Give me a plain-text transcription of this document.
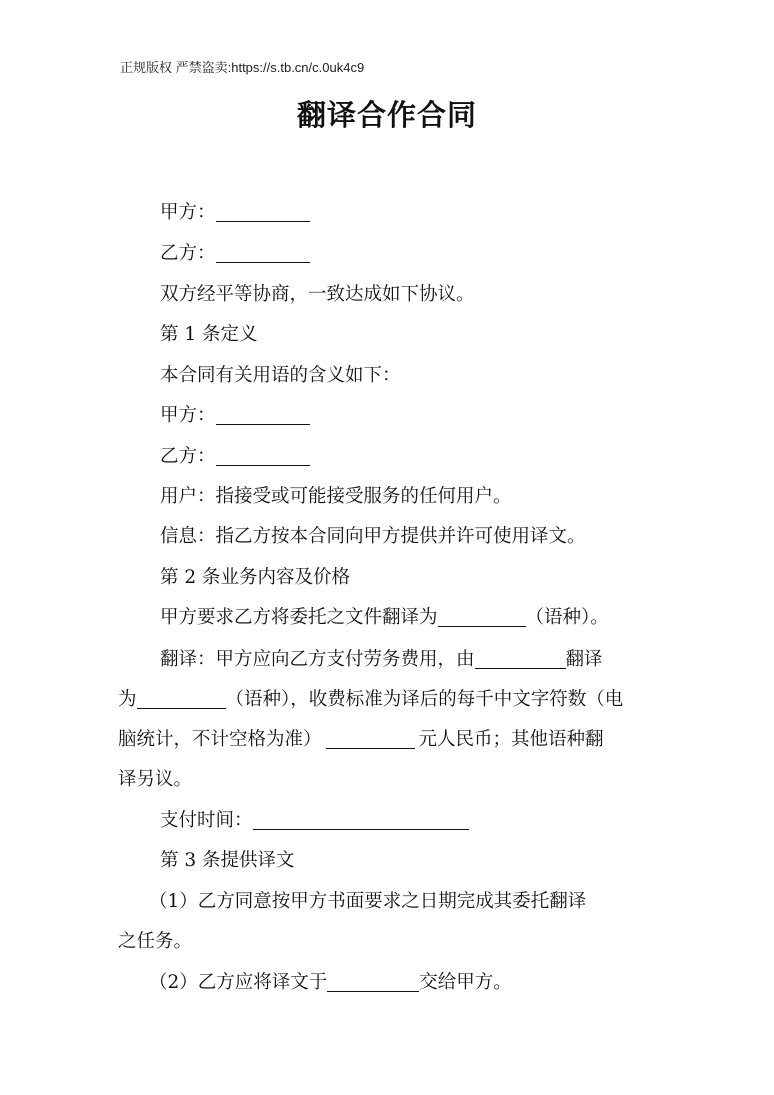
正规版权 严禁盗卖:https://s.tb.cn/c.0uk4c9
翻译合作合同
甲方：
乙方：
双方经平等协商，一致达成如下协议。
第 1 条定义
本合同有关用语的含义如下：
甲方：
乙方：
用户：指接受或可能接受服务的任何用户。
信息：指乙方按本合同向甲方提供并许可使用译文。
第 2 条业务内容及价格
甲方要求乙方将委托之文件翻译为	（语种）。
翻译：甲方应向乙方支付劳务费用，由	翻译
为	（语种），收费标准为译后的每千中文字符数（电
脑统计，不计空格为准）	元人民币；其他语种翻
译另议。
支付时间：
第 3 条提供译文
（1）乙方同意按甲方书面要求之日期完成其委托翻译
之任务。
（2）乙方应将译文于	交给甲方。
